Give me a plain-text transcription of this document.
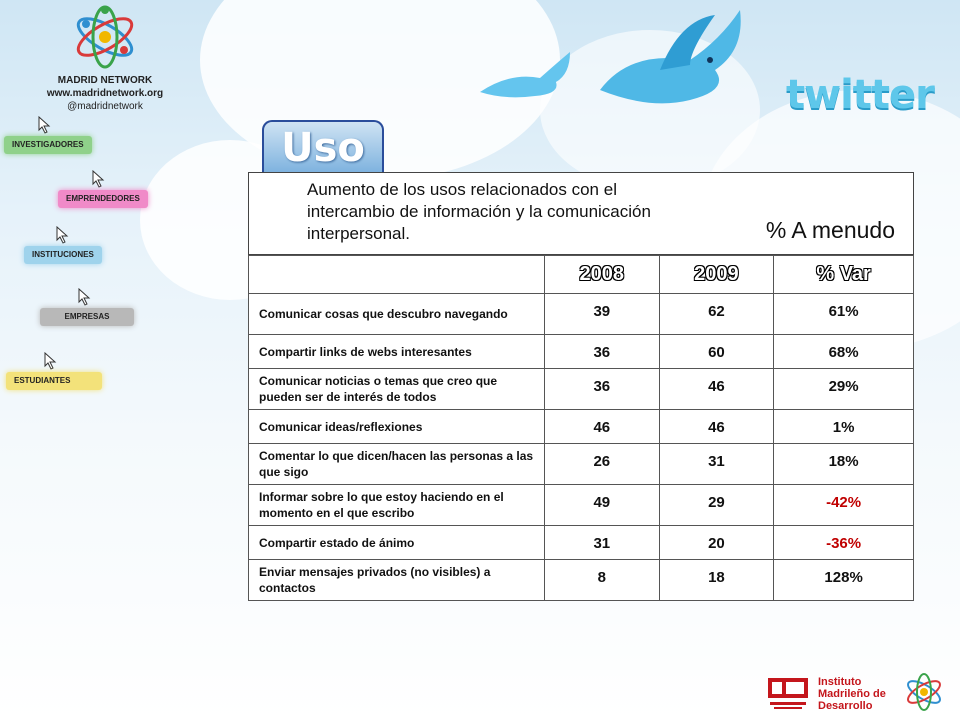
MADRID NETWORK
www.madridnetwork.org
@madridnetwork
INVESTIGADORES
EMPRENDEDORES
INSTITUCIONES
EMPRESAS
ESTUDIANTES
twitter
Uso
Aumento de los usos relacionados con el intercambio de información y la comunicación interpersonal.	% A menudo
	2008	2009	% Var
Comunicar cosas que descubro navegando	39	62	61%
Compartir links de webs interesantes	36	60	68%
Comunicar noticias o temas que creo que pueden ser de interés de todos	36	46	29%
Comunicar ideas/reflexiones	46	46	1%
Comentar lo que dicen/hacen las personas a las que sigo	26	31	18%
Informar sobre lo que estoy haciendo en el momento en el que escribo	49	29	-42%
Compartir estado de ánimo	31	20	-36%
Enviar mensajes privados (no visibles) a contactos	8	18	128%
Instituto Madrileño de Desarrollo
